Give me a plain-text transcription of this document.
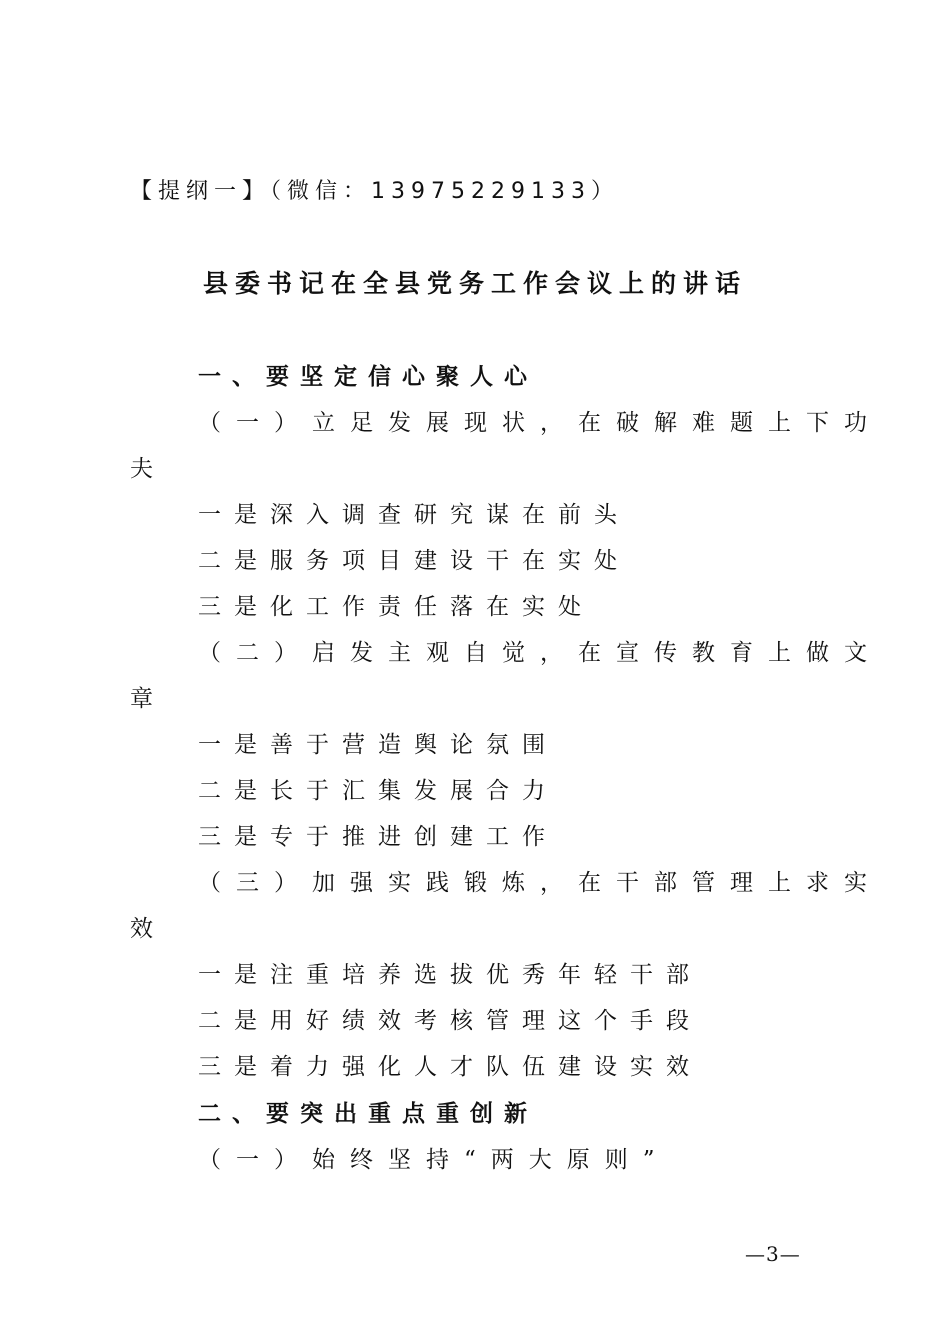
【提纲一】（微信：13975229133）
县委书记在全县党务工作会议上的讲话
一、要坚定信心聚人心
（一）立足发展现状，在破解难题上下功
夫
一是深入调查研究谋在前头
二是服务项目建设干在实处
三是化工作责任落在实处
（二）启发主观自觉，在宣传教育上做文
章
一是善于营造舆论氛围
二是长于汇集发展合力
三是专于推进创建工作
（三）加强实践锻炼，在干部管理上求实
效
一是注重培养选拔优秀年轻干部
二是用好绩效考核管理这个手段
三是着力强化人才队伍建设实效
二、要突出重点重创新
（一）始终坚持“两大原则”
—3—
